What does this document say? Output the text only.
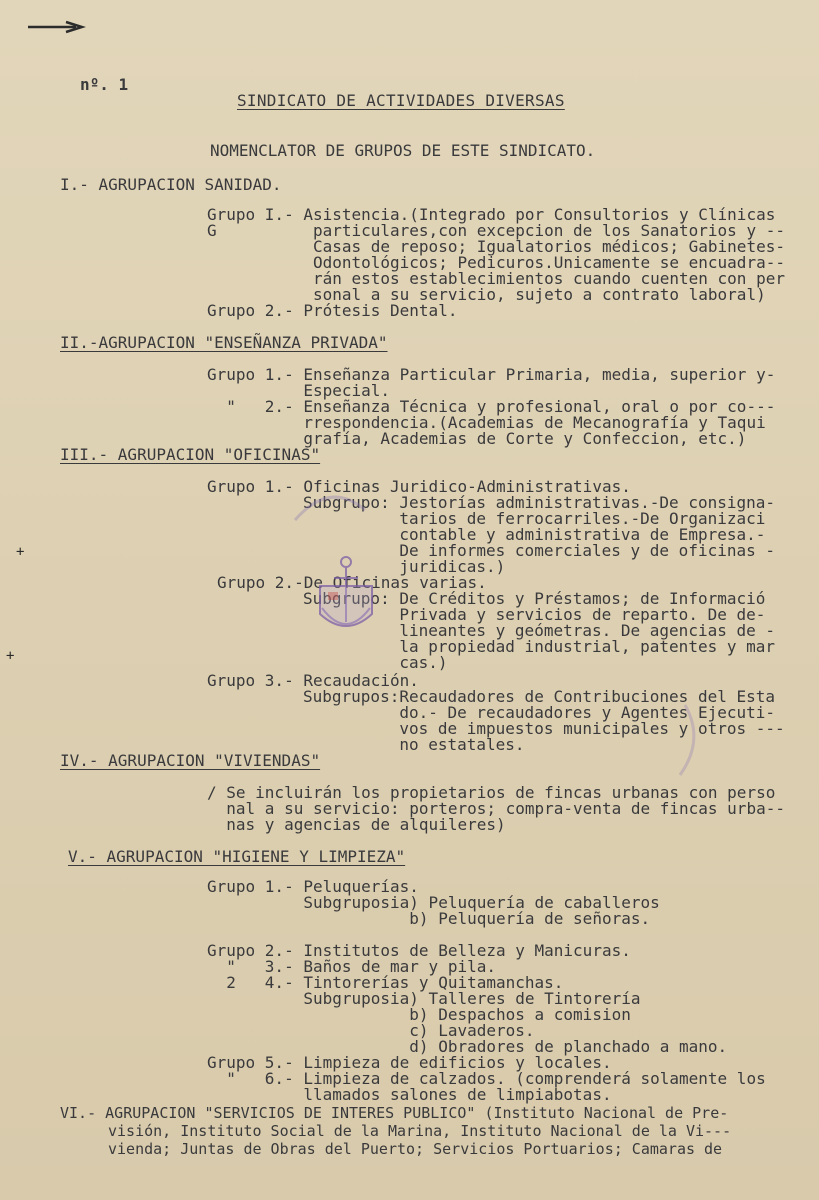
nº. 1
SINDICATO DE ACTIVIDADES DIVERSAS
NOMENCLATOR DE GRUPOS DE ESTE SINDICATO.
I.- AGRUPACION SANIDAD.
Grupo I.- Asistencia.(Integrado por Consultorios y Clínicas
G          particulares,con excepcion de los Sanatorios y --
Casas de reposo; Igualatorios médicos; Gabinetes-
Odontológicos; Pedicuros.Unicamente se encuadra--
rán estos establecimientos cuando cuenten con per
sonal a su servicio, sujeto a contrato laboral)
Grupo 2.- Prótesis Dental.
II.-AGRUPACION "ENSEÑANZA PRIVADA"
Grupo 1.- Enseñanza Particular Primaria, media, superior y-
Especial.
"   2.- Enseñanza Técnica y profesional, oral o por co---
rrespondencia.(Academias de Mecanografía y Taqui
grafía, Academias de Corte y Confeccion, etc.)
III.- AGRUPACION "OFICINAS"
Grupo 1.- Oficinas Juridico-Administrativas.
Subgrupo: Jestorías administrativas.-De consigna-
tarios de ferrocarriles.-De Organizaci
contable y administrativa de Empresa.-
De informes comerciales y de oficinas -
juridicas.)
Grupo 2.-De Oficinas varias.
Subgrupo: De Créditos y Préstamos; de Informació
Privada y servicios de reparto. De de-
lineantes y geómetras. De agencias de -
la propiedad industrial, patentes y mar
cas.)
Grupo 3.- Recaudación.
Subgrupos:Recaudadores de Contribuciones del Esta
do.- De recaudadores y Agentes Ejecuti-
vos de impuestos municipales y otros ---
no estatales.
IV.- AGRUPACION "VIVIENDAS"
/ Se incluirán los propietarios de fincas urbanas con perso
nal a su servicio: porteros; compra-venta de fincas urba--
nas y agencias de alquileres)
V.- AGRUPACION "HIGIENE Y LIMPIEZA"
Grupo 1.- Peluquerías.
Subgruposia) Peluquería de caballeros
b) Peluquería de señoras.
Grupo 2.- Institutos de Belleza y Manicuras.
"   3.- Baños de mar y pila.
2   4.- Tintorerías y Quitamanchas.
Subgruposia) Talleres de Tintorería
b) Despachos a comision
c) Lavaderos.
d) Obradores de planchado a mano.
Grupo 5.- Limpieza de edificios y locales.
"   6.- Limpieza de calzados. (comprenderá solamente los
llamados salones de limpiabotas.
VI.- AGRUPACION "SERVICIOS DE INTERES PUBLICO" (Instituto Nacional de Pre-
visión, Instituto Social de la Marina, Instituto Nacional de la Vi---
vienda; Juntas de Obras del Puerto; Servicios Portuarios; Camaras de
+
+
